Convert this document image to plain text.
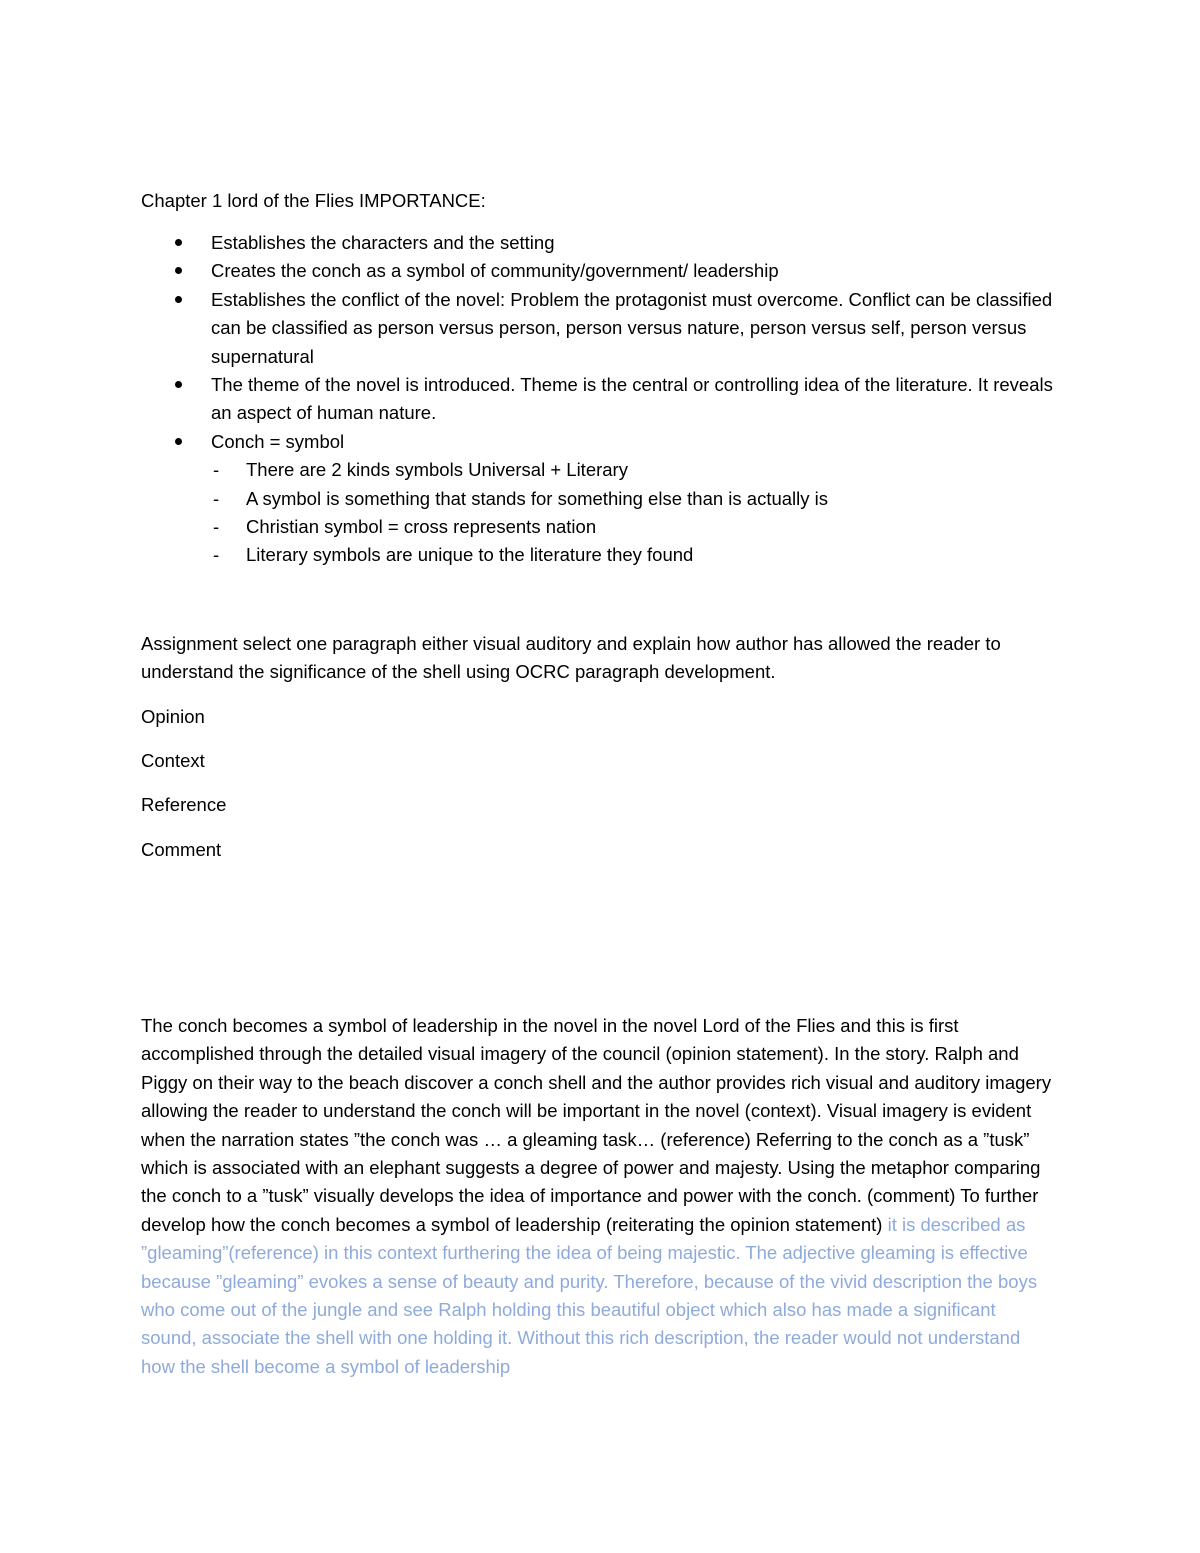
Chapter 1 lord of the Flies IMPORTANCE:
Establishes the characters and the setting
Creates the conch as a symbol of community/government/ leadership
Establishes the conflict of the novel: Problem the protagonist must overcome. Conflict can be classified can be classified as person versus person, person versus nature, person versus self, person versus supernatural
The theme of the novel is introduced. Theme is the central or controlling idea of the literature. It reveals an aspect of human nature.
Conch = symbol
- There are 2 kinds symbols Universal + Literary
- A symbol is something that stands for something else than is actually is
- Christian symbol = cross represents nation
- Literary symbols are unique to the literature they found
Assignment select one paragraph either visual auditory and explain how author has allowed the reader to understand the significance of the shell using OCRC paragraph development.
Opinion
Context
Reference
Comment
The conch becomes a symbol of leadership in the novel in the novel Lord of the Flies and this is first accomplished through the detailed visual imagery of the council (opinion statement). In the story. Ralph and Piggy on their way to the beach discover a conch shell and the author provides rich visual and auditory imagery allowing the reader to understand the conch will be important in the novel (context). Visual imagery is evident when the narration states ”the conch was … a gleaming task… (reference) Referring to the conch as a ”tusk” which is associated with an elephant suggests a degree of power and majesty. Using the metaphor comparing the conch to a ”tusk” visually develops the idea of importance and power with the conch. (comment) To further develop how the conch becomes a symbol of leadership (reiterating the opinion statement) it is described as ”gleaming”(reference) in this context furthering the idea of being majestic. The adjective gleaming is effective because ”gleaming” evokes a sense of beauty and purity. Therefore, because of the vivid description the boys who come out of the jungle and see Ralph holding this beautiful object which also has made a significant sound, associate the shell with one holding it. Without this rich description, the reader would not understand how the shell become a symbol of leadership
